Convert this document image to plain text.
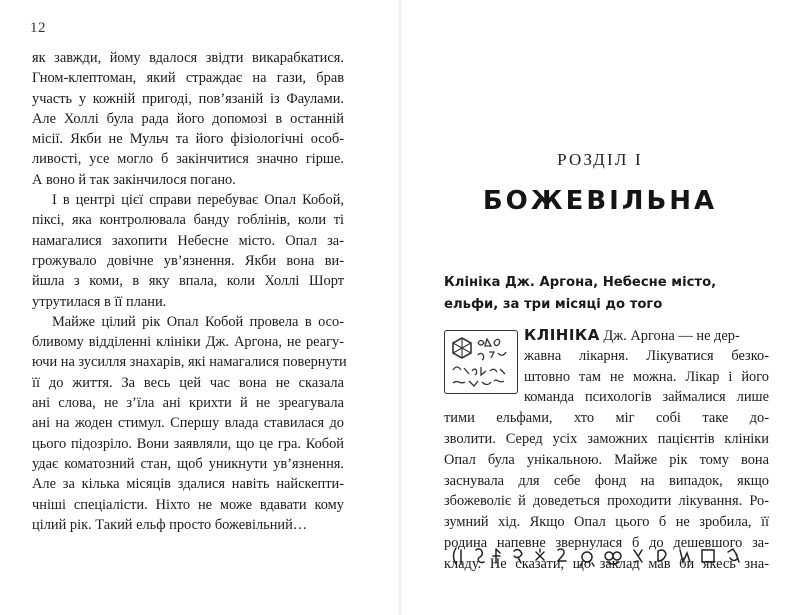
12
як завжди, йому вдалося звідти викарабкатися.
Гном-клептоман, який страждає на гази, брав
участь у кожній пригоді, пов’язаній із Фаулами.
Але Холлі була рада його допомозі в останній
місії. Якби не Мульч та його фізіологічні особ-
ливості, усе могло б закінчитися значно гірше.
А воно й так закінчилося погано.
І в центрі цієї справи перебуває Опал Кобой,
піксі, яка контролювала банду гоблінів, коли ті
намагалися захопити Небесне місто. Опал за-
грожувало довічне ув’язнення. Якби вона ви-
йшла з коми, в яку впала, коли Холлі Шорт
утрутилася в її плани.
Майже цілий рік Опал Кобой провела в осо-
бливому відділенні клініки Дж. Аргона, не реагу-
ючи на зусилля знахарів, які намагалися повернути
її до життя. За весь цей час вона не сказала
ані слова, не з’їла ані крихти й не зреагувала
ані на жоден стимул. Спершу влада ставилася до
цього підозріло. Вони заявляли, що це гра. Кобой
удає коматозний стан, щоб уникнути ув’язнення.
Але за кілька місяців здалися навіть найскепти-
чніші спеціалісти. Ніхто не може вдавати кому
цілий рік. Такий ельф просто божевільний…
РОЗДІЛ I
БОЖЕВІЛЬНА
Клініка Дж. Аргона, Небесне місто,
ельфи, за три місяці до того
КЛІНІКА Дж. Аргона — не дер-
жавна лікарня. Лікуватися безко-
штовно там не можна. Лікар і його
команда психологів займалися лише
тими ельфами, хто міг собі таке до-
зволити. Серед усіх заможних пацієнтів клініки
Опал була унікальною. Майже рік тому вона
заснувала для себе фонд на випадок, якщо
збожеволіє й доведеться проходити лікування. Ро-
зумний хід. Якщо Опал цього б не зробила, її
родина напевне звернулася б до дешевшого за-
кладу. Не сказати, що заклад мав би якесь зна-
